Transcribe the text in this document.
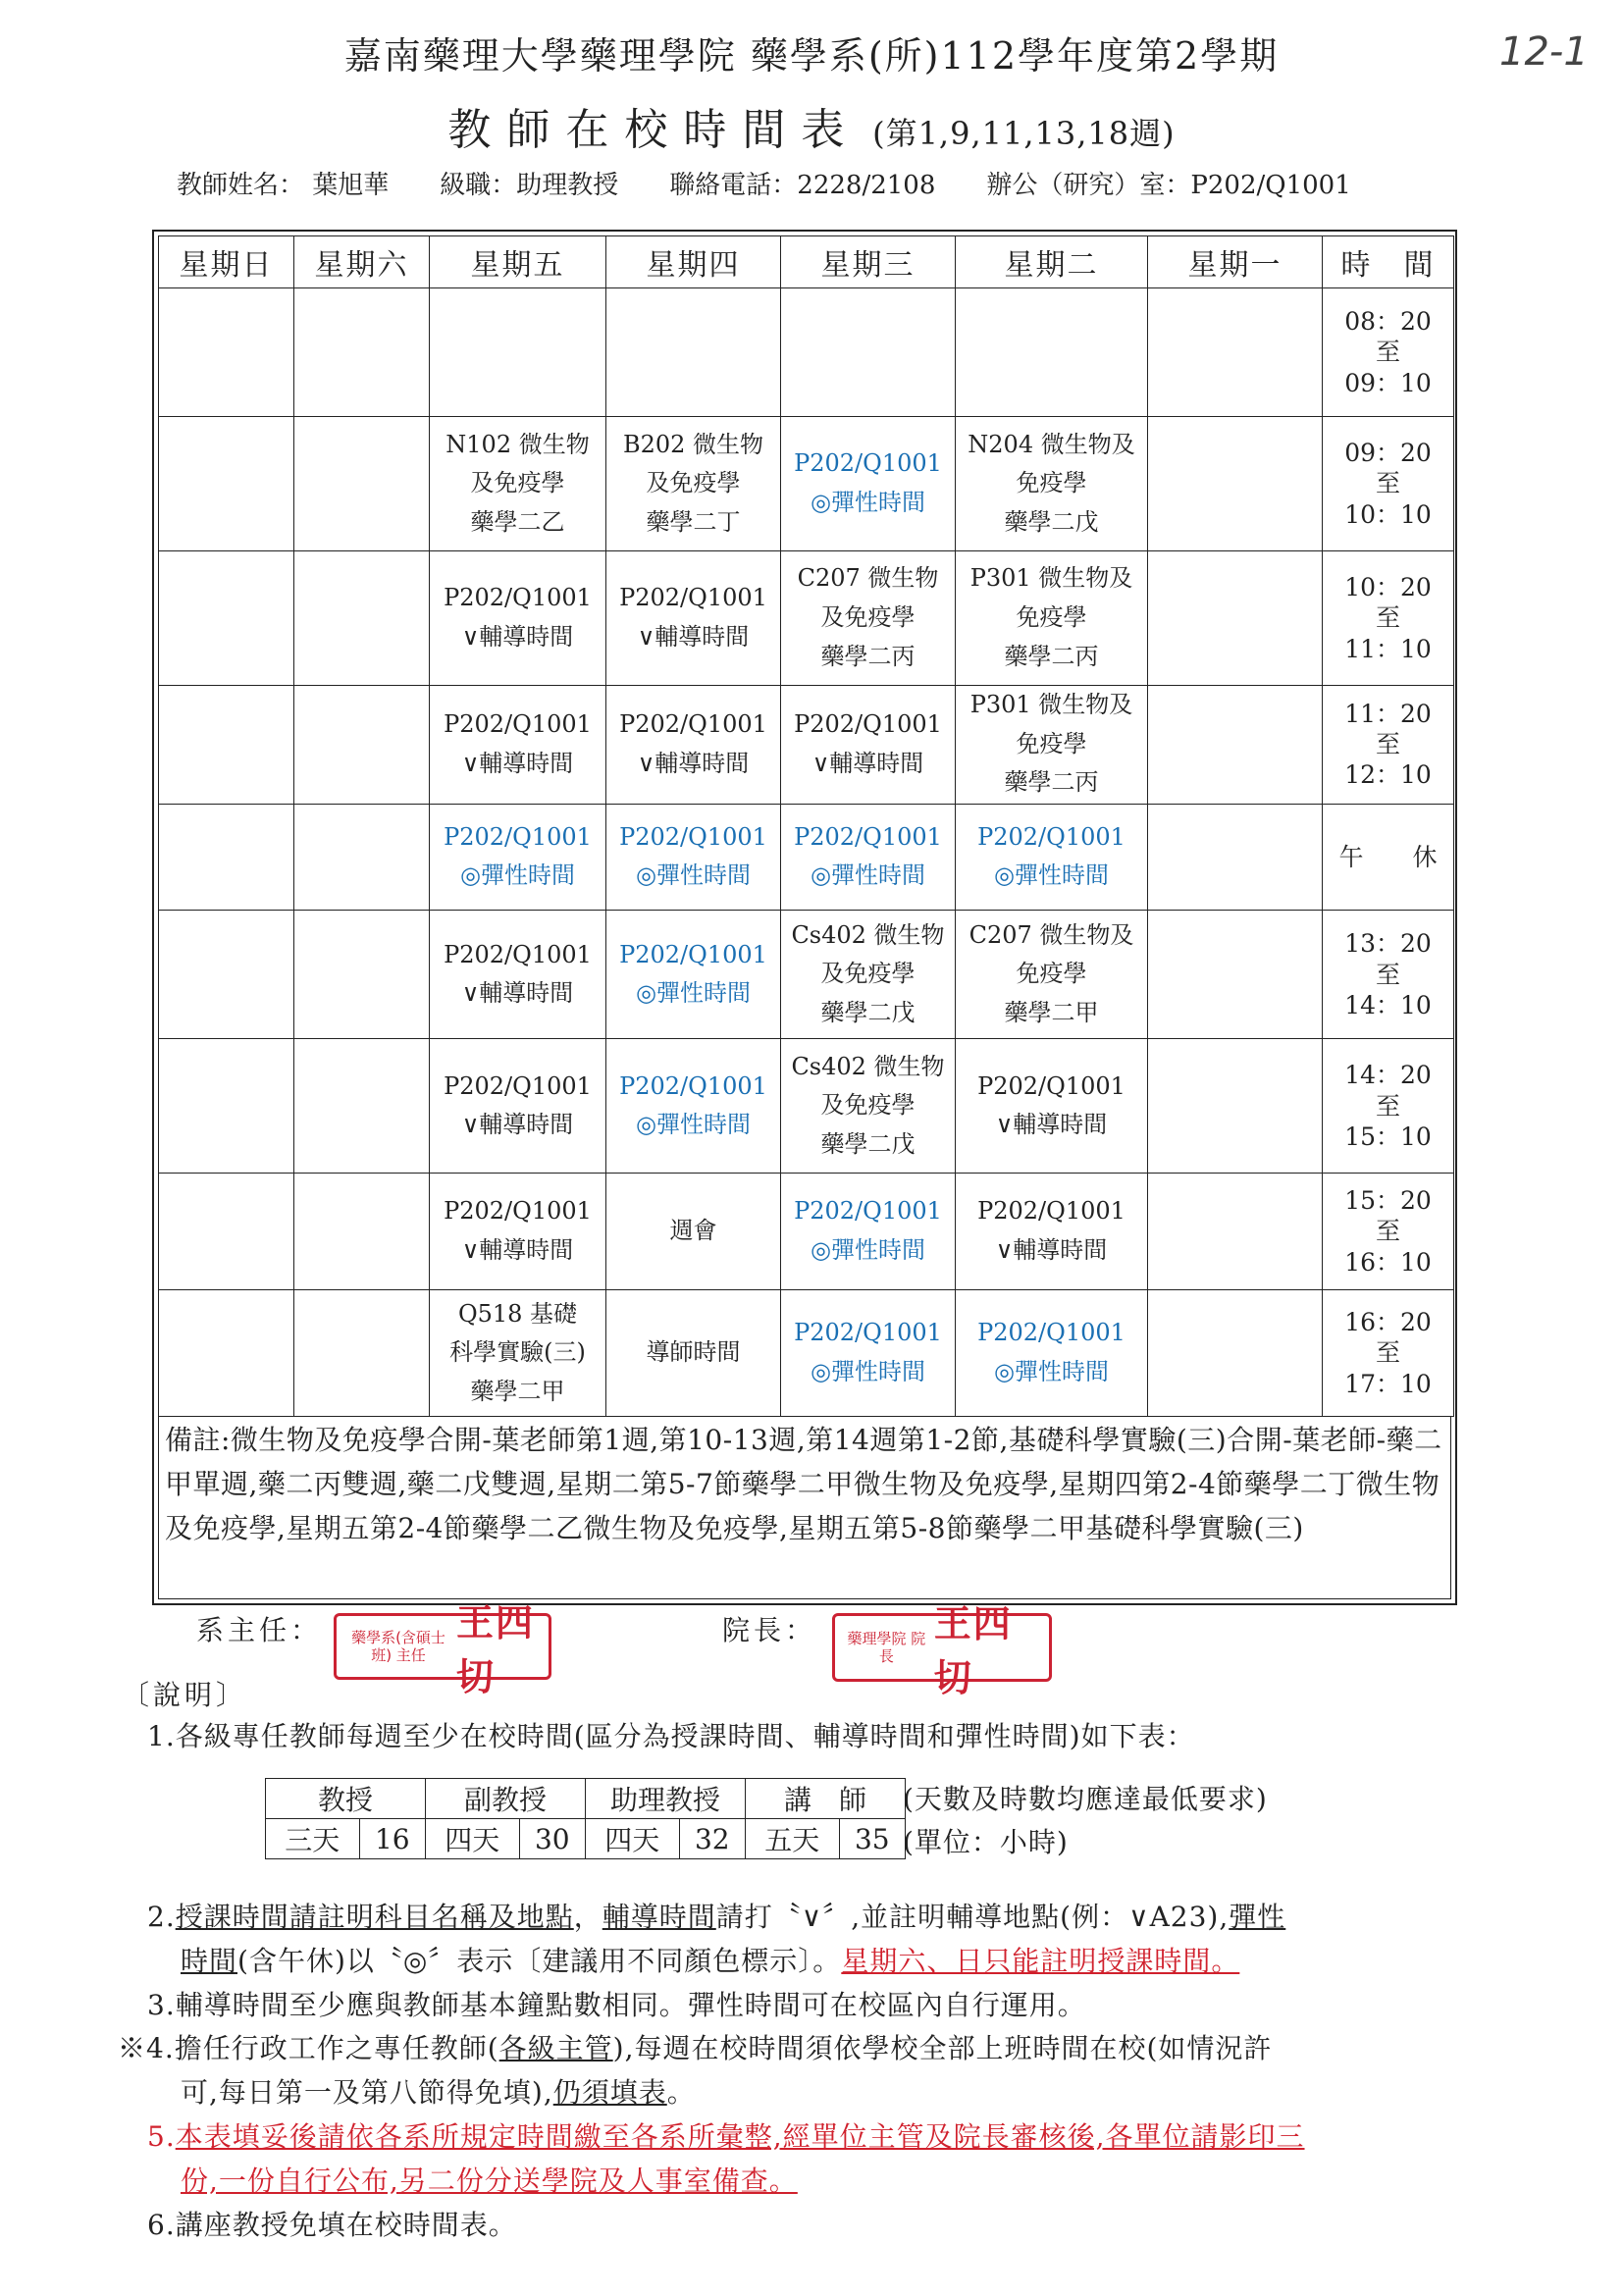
嘉南藥理大學藥理學院 藥學系(所)112學年度第2學期
教師在校時間表 (第1,9,11,13,18週)
12-1
教師姓名： 葉旭華 級職：助理教授 聯絡電話：2228/2108 辦公（研究）室：P202/Q1001
星期日	星期六	星期五	星期四	星期三	星期二	星期一	時　間

							08：20
至
09：10

		N102 微生物
及免疫學
藥學二乙	B202 微生物
及免疫學
藥學二丁	P202/Q1001
◎彈性時間	N204 微生物及
免疫學
藥學二戊		09：20
至
10：10

		P202/Q1001
∨輔導時間	P202/Q1001
∨輔導時間	C207 微生物
及免疫學
藥學二丙	P301 微生物及
免疫學
藥學二丙		10：20
至
11：10

		P202/Q1001
∨輔導時間	P202/Q1001
∨輔導時間	P202/Q1001
∨輔導時間	P301 微生物及
免疫學
藥學二丙		11：20
至
12：10

		P202/Q1001
◎彈性時間	P202/Q1001
◎彈性時間	P202/Q1001
◎彈性時間	P202/Q1001
◎彈性時間		午　　休

		P202/Q1001
∨輔導時間	P202/Q1001
◎彈性時間	Cs402 微生物
及免疫學
藥學二戊	C207 微生物及
免疫學
藥學二甲		13：20
至
14：10

		P202/Q1001
∨輔導時間	P202/Q1001
◎彈性時間	Cs402 微生物
及免疫學
藥學二戊	P202/Q1001
∨輔導時間		14：20
至
15：10

		P202/Q1001
∨輔導時間	週會	P202/Q1001
◎彈性時間	P202/Q1001
∨輔導時間		15：20
至
16：10

		Q518 基礎
科學實驗(三)
藥學二甲	導師時間	P202/Q1001
◎彈性時間	P202/Q1001
◎彈性時間		16：20
至
17：10
備註:微生物及免疫學合開-葉老師第1週,第10-13週,第14週第1-2節,基礎科學實驗(三)合開-葉老師-藥二甲單週,藥二丙雙週,藥二戊雙週,星期二第5-7節藥學二甲微生物及免疫學,星期四第2-4節藥學二丁微生物及免疫學,星期五第2-4節藥學二乙微生物及免疫學,星期五第5-8節藥學二甲基礎科學實驗(三)
系主任：	藥學系(含碩士班) 主任
王四切
院長： 藥理學院 院長
王四切
〔說明〕
1.各級專任教師每週至少在校時間(區分為授課時間、輔導時間和彈性時間)如下表：
教授		副教授		助理教授		講　師	
三天	16	四天	30	四天	32	五天	35
(天數及時數均應達最低要求)
(單位：小時)
2.授課時間請註明科目名稱及地點，輔導時間請打〝∨〞,並註明輔導地點(例：∨A23),彈性
時間(含午休)以〝◎〞表示〔建議用不同顏色標示〕。星期六、日只能註明授課時間。
3.輔導時間至少應與教師基本鐘點數相同。彈性時間可在校區內自行運用。
※4.擔任行政工作之專任教師(各級主管),每週在校時間須依學校全部上班時間在校(如情況許
可,每日第一及第八節得免填),仍須填表。
5.本表填妥後請依各系所規定時間繳至各系所彙整,經單位主管及院長審核後,各單位請影印三
份,一份自行公布,另二份分送學院及人事室備查。
6.講座教授免填在校時間表。
